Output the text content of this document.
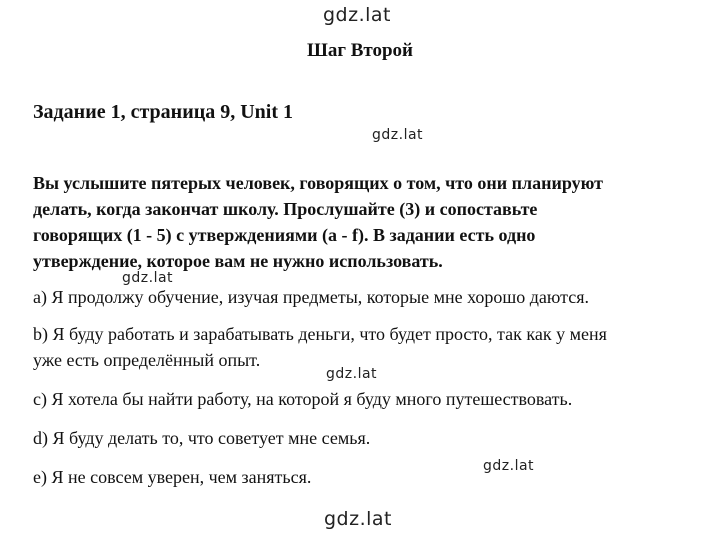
gdz.lat
Шаг Второй
Задание 1, страница 9, Unit 1
gdz.lat
Вы услышите пятерых человек, говорящих о том, что они планируют
делать, когда закончат школу. Прослушайте (3) и сопоставьте
говорящих (1 - 5) с утверждениями (a - f). В задании есть одно
утверждение, которое вам не нужно использовать.
gdz.lat
a) Я продолжу обучение, изучая предметы, которые мне хорошо даются.
b) Я буду работать и зарабатывать деньги, что будет просто, так как у меня
уже есть определённый опыт.
gdz.lat
c) Я хотела бы найти работу, на которой я буду много путешествовать.
d) Я буду делать то, что советует мне семья.
gdz.lat
e) Я не совсем уверен, чем заняться.
gdz.lat
